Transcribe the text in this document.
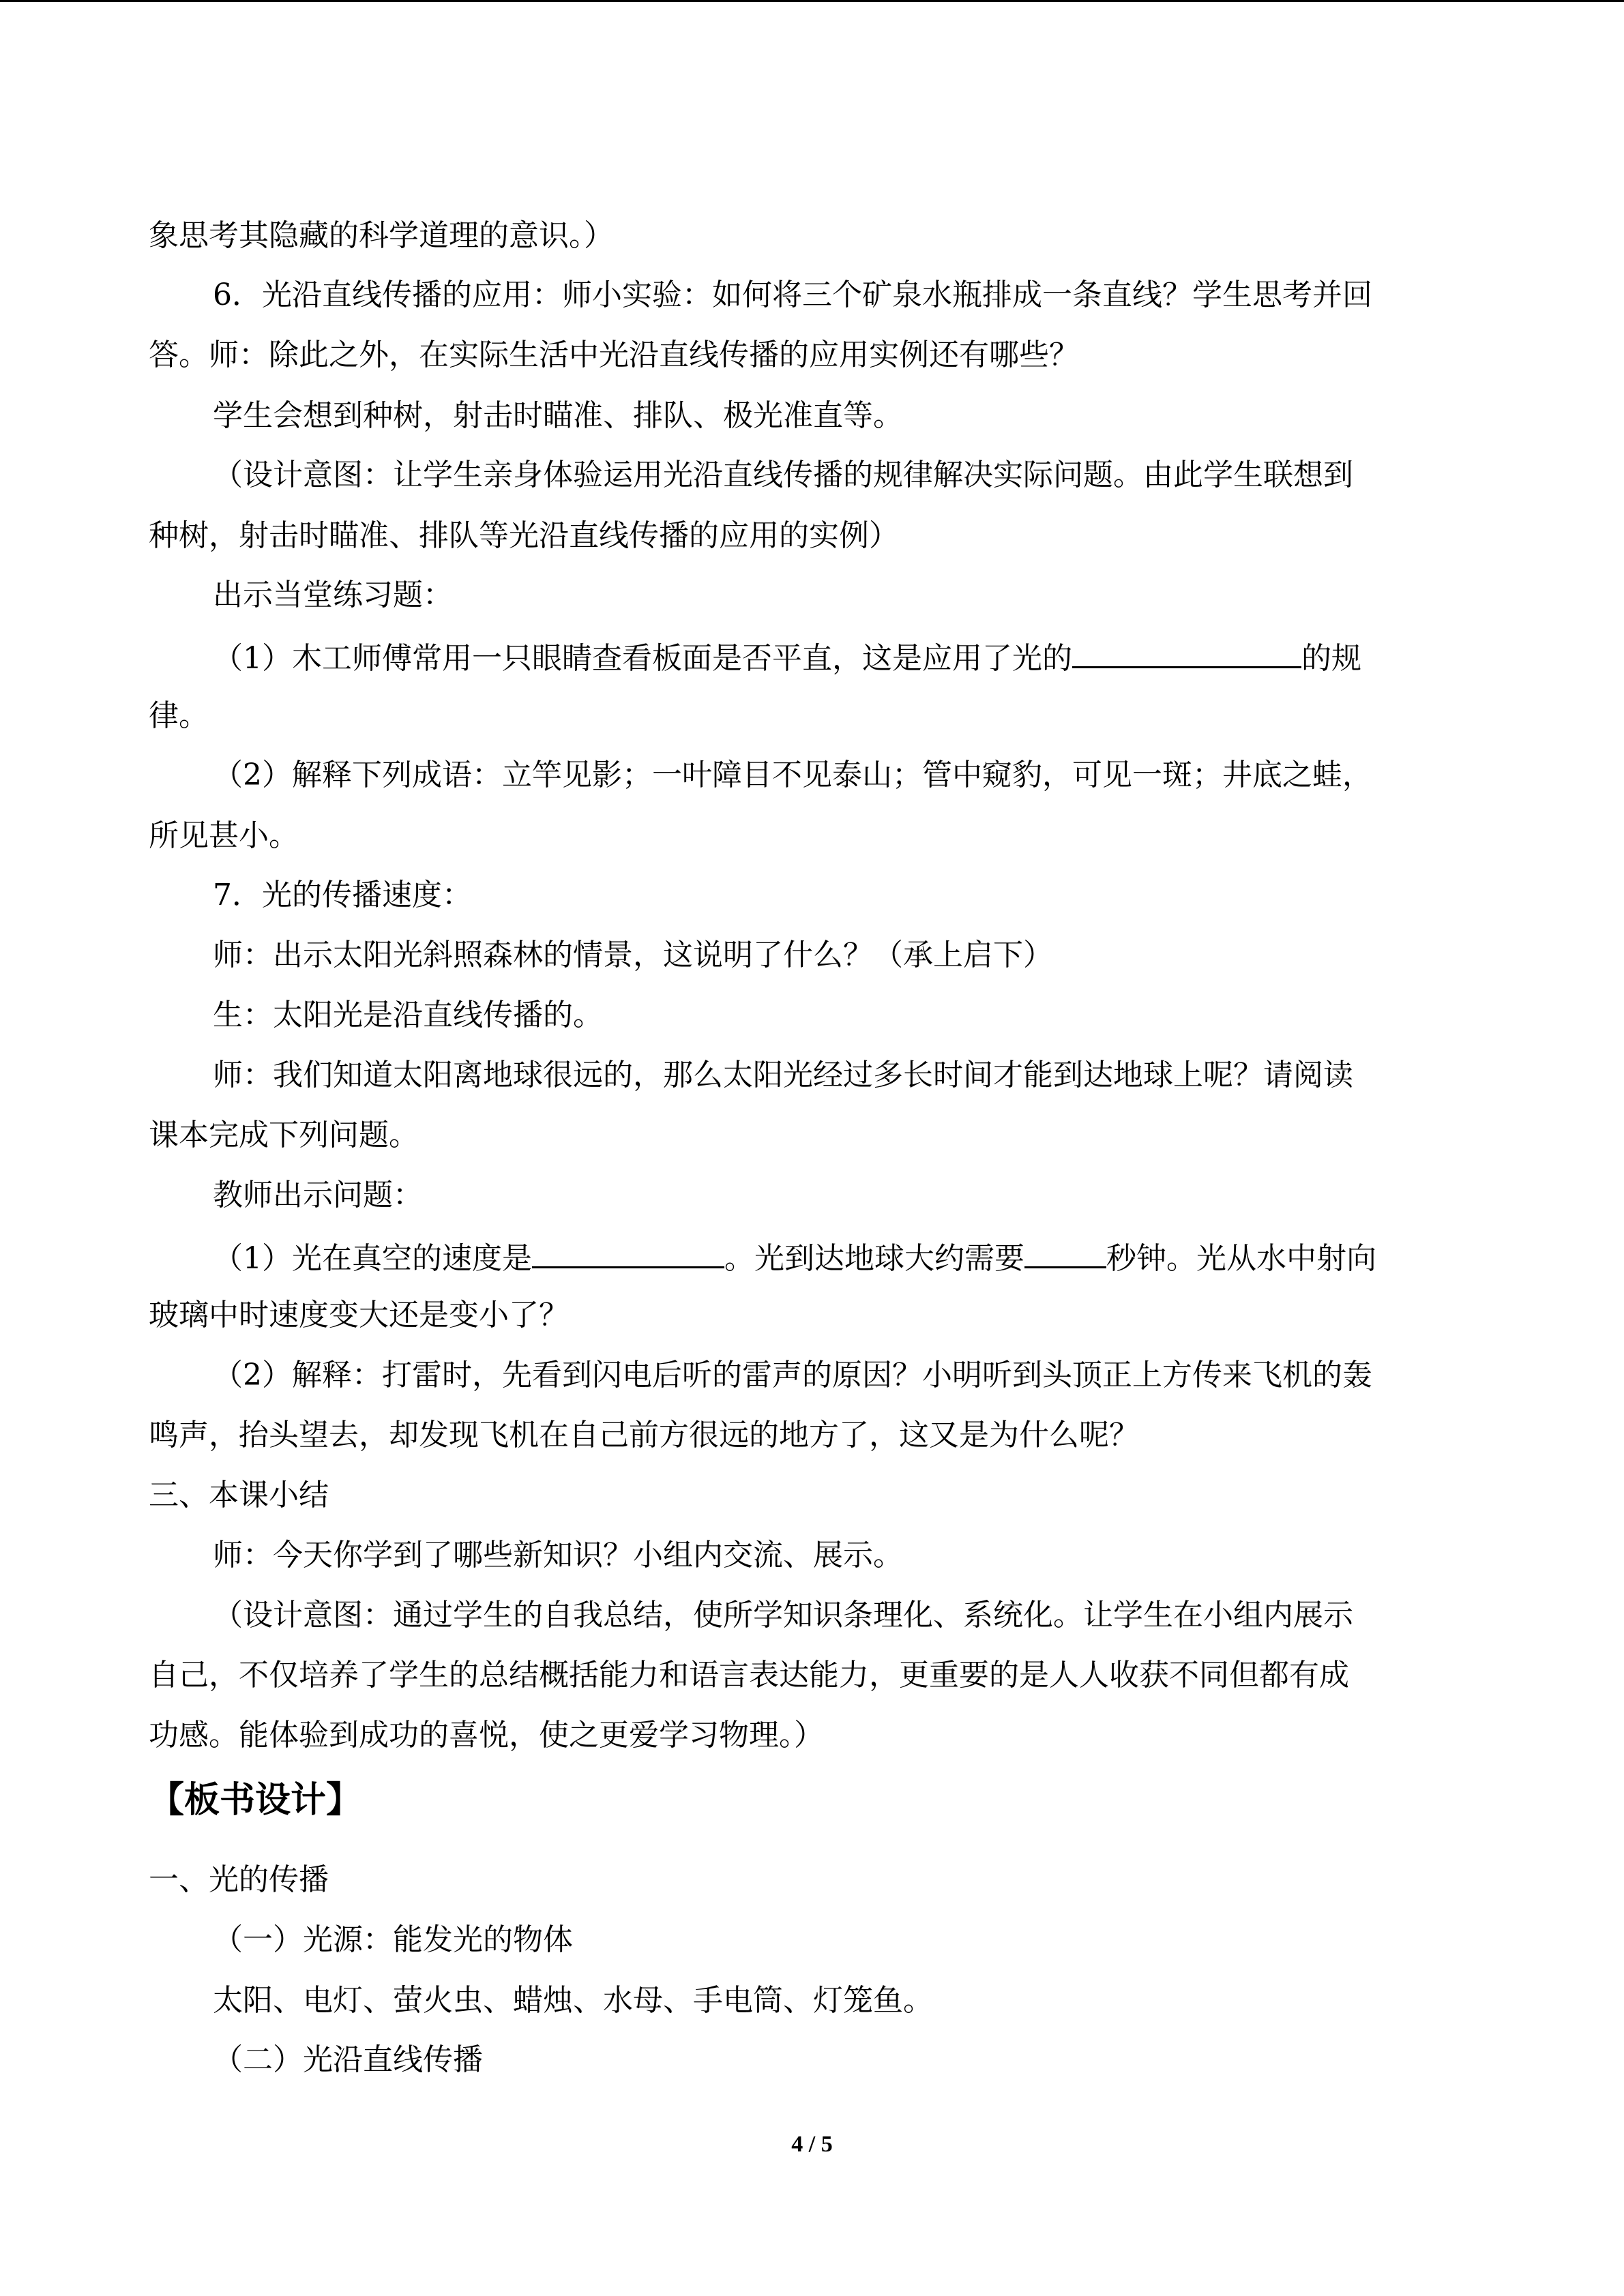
象思考其隐藏的科学道理的意识。）
6．光沿直线传播的应用：师小实验：如何将三个矿泉水瓶排成一条直线？学生思考并回
答。师：除此之外，在实际生活中光沿直线传播的应用实例还有哪些？
学生会想到种树，射击时瞄准、排队、极光准直等。
（设计意图：让学生亲身体验运用光沿直线传播的规律解决实际问题。由此学生联想到
种树，射击时瞄准、排队等光沿直线传播的应用的实例）
出示当堂练习题：
（1）木工师傅常用一只眼睛查看板面是否平直，这是应用了光的	的规
律。
（2）解释下列成语：立竿见影；一叶障目不见泰山；管中窥豹，可见一斑；井底之蛙，
所见甚小。
7．光的传播速度：
师：出示太阳光斜照森林的情景，这说明了什么？（承上启下）
生：太阳光是沿直线传播的。
师：我们知道太阳离地球很远的，那么太阳光经过多长时间才能到达地球上呢？请阅读
课本完成下列问题。
教师出示问题：
（1）光在真空的速度是	。光到达地球大约需要	秒钟。光从水中射向
玻璃中时速度变大还是变小了？
（2）解释：打雷时，先看到闪电后听的雷声的原因？小明听到头顶正上方传来飞机的轰
鸣声，抬头望去，却发现飞机在自己前方很远的地方了，这又是为什么呢？
三、本课小结
师：今天你学到了哪些新知识？小组内交流、展示。
（设计意图：通过学生的自我总结，使所学知识条理化、系统化。让学生在小组内展示
自己，不仅培养了学生的总结概括能力和语言表达能力，更重要的是人人收获不同但都有成
功感。能体验到成功的喜悦，使之更爱学习物理。）
【板书设计】
一、光的传播
（一）光源：能发光的物体
太阳、电灯、萤火虫、蜡烛、水母、手电筒、灯笼鱼。
（二）光沿直线传播
4 / 5
